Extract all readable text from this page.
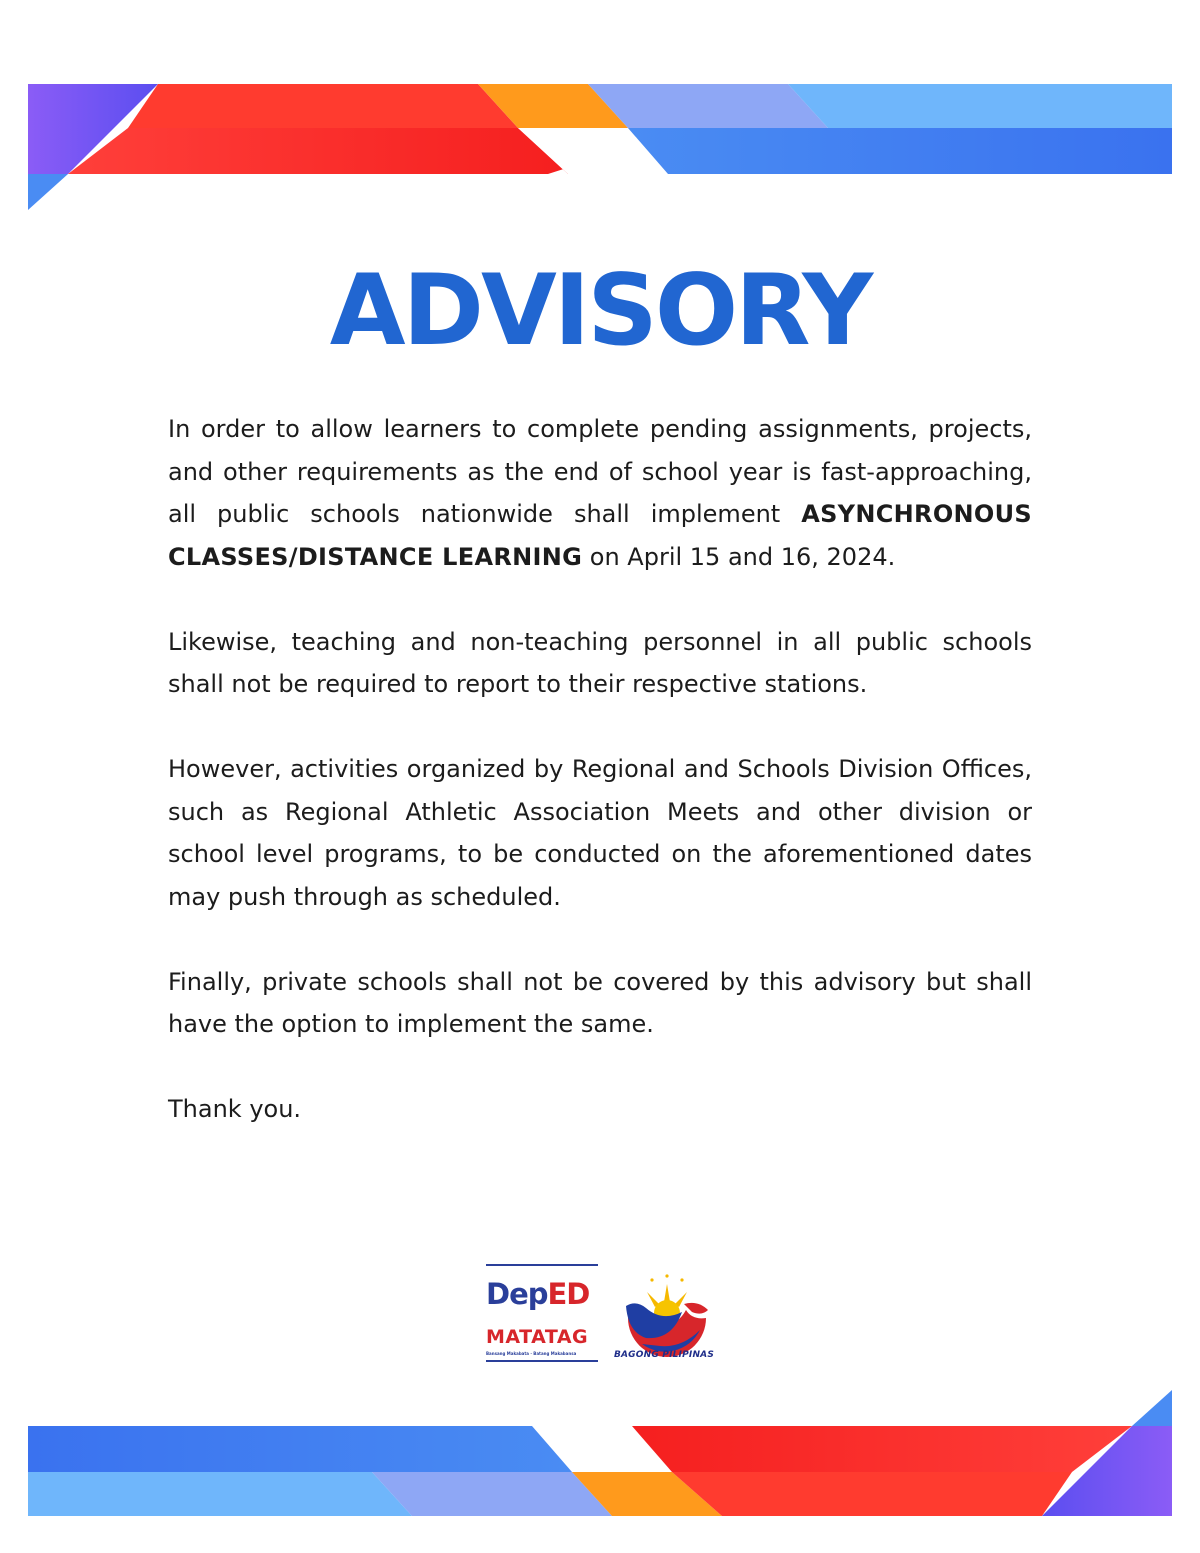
ADVISORY

In order to allow learners to complete pending assignments, projects, and other requirements as the end of school year is fast-approaching, all public schools nationwide shall implement ASYNCHRONOUS CLASSES/DISTANCE LEARNING on April 15 and 16, 2024.

Likewise, teaching and non-teaching personnel in all public schools shall not be required to report to their respective stations.

However, activities organized by Regional and Schools Division Offices, such as Regional Athletic Association Meets and other division or school level programs, to be conducted on the aforementioned dates may push through as scheduled.

Finally, private schools shall not be covered by this advisory but shall have the option to implement the same.

Thank you.

DepED
MATATAG
Bansang Makabata · Batang Makabansa	BAGONG PILIPINAS
